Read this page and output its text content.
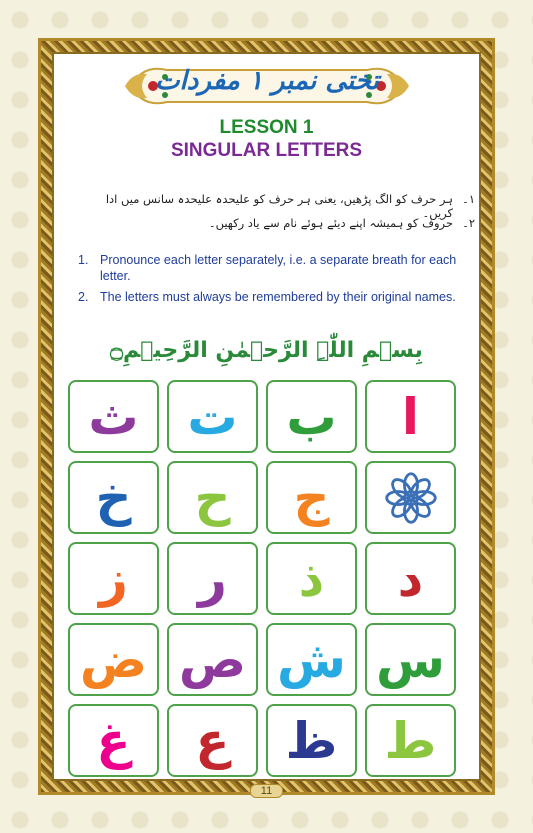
تختی نمبر ۱ مفردات
LESSON 1
SINGULAR LETTERS
ہر حرف کو الگ پڑھیں، یعنی ہر حرف کو علیحدہ علیحدہ سانس میں ادا کریں۔
۱۔
حروف کو ہمیشہ اپنے دیئے ہوئے نام سے یاد رکھیں۔ ۲۔
1. Pronounce each letter separately, i.e. a separate breath for each letter.
2. The letters must always be remembered by their original names.
بِسۡمِ اللّٰہِ الرَّحۡمٰنِ الرَّحِیۡمِ۝
ث ت ب ا
خ ح ج
ز ر ذ د
ض ص ش س
غ ع ظ ط
11
